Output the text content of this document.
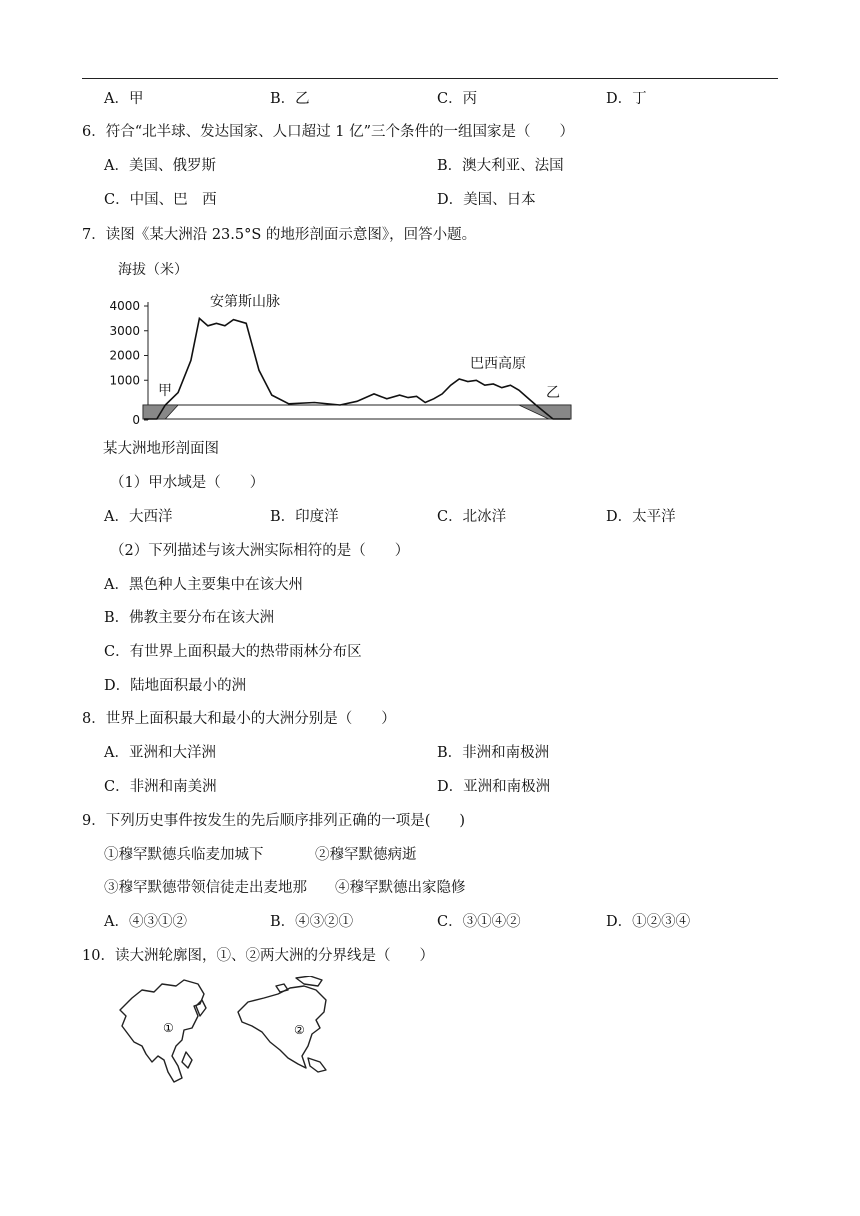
A．甲	B．乙	C．丙	D．丁
6．符合“北半球、发达国家、人口超过 1 亿”三个条件的一组国家是（　　）
A．美国、俄罗斯	B．澳大利亚、法国
C．中国、巴　西	D．美国、日本
7．读图《某大洲沿 23.5°S 的地形剖面示意图》，回答小题。
海拔（米）
0
1000
2000
3000
4000	安第斯山脉
巴西高原
甲	乙
某大洲地形剖面图
（1）甲水域是（　　）
A．大西洋	B．印度洋	C．北冰洋	D．太平洋
（2）下列描述与该大洲实际相符的是（　　）
A．黑色种人主要集中在该大州
B．佛教主要分布在该大洲
C．有世界上面积最大的热带雨林分布区
D．陆地面积最小的洲
8．世界上面积最大和最小的大洲分别是（　　）
A．亚洲和大洋洲	B．非洲和南极洲
C．非洲和南美洲	D．亚洲和南极洲
9．下列历史事件按发生的先后顺序排列正确的一项是(　　)
①穆罕默德兵临麦加城下	②穆罕默德病逝
③穆罕默德带领信徒走出麦地那 ④穆罕默德出家隐修
A．④③①②	B．④③②①	C．③①④②	D．①②③④
10．读大洲轮廓图，①、②两大洲的分界线是（　　）
①	②
